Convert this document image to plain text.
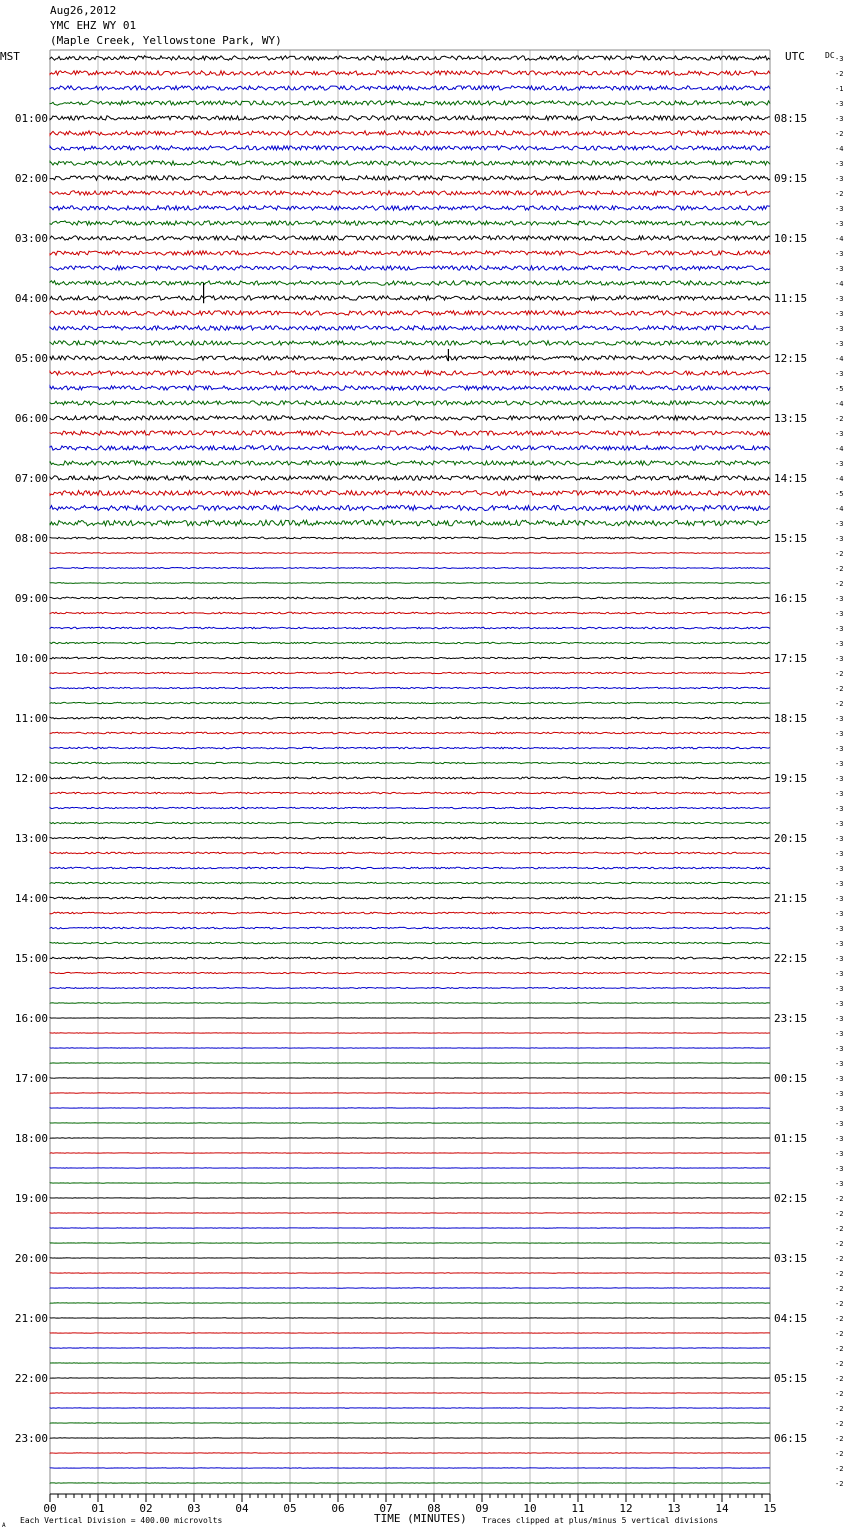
Aug26,2012
YMC EHZ WY 01
(Maple Creek, Yellowstone Park, WY)
-3
-2
-1
-3
-3
01:00	08:15
-2
-4
-3
-3
02:00	09:15
-2
-3
-3
-4
03:00	10:15
-3
-3
-4
-3
04:00	11:15
-3
-3
-3
-4
05:00	12:15
-3
-5
-4
-2
06:00	13:15
-3
-4
-3
-4
07:00	14:15
-5
-4
-3
-3
08:00	15:15
-2
-2
-2
-3
09:00	16:15
-3
-3
-3
-3
10:00	17:15
-2
-2
-2
-3
11:00	18:15
-3
-3
-3
-3
12:00	19:15
-3
-3
-3
-3
13:00	20:15
-3
-3
-3
-3
14:00	21:15
-3
-3
-3
-3
15:00	22:15
-3
-3
-3
-3
16:00	23:15
-3
-3
-3
-3
17:00	00:15
-3
-3
-3
-3
18:00	01:15
-3
-3
-3
-2
19:00	02:15
-2
-2
-2
-2
20:00	03:15
-2
-2
-2
-2
21:00	04:15
-2
-2
-2
-2
22:00	05:15
-2
-2
-2
-2
23:00	06:15
-2
-2
-2
00	01	02	03	04	05	06	07	08	09	10	11	12	13	14	15
MST	UTC	DC
A
Each Vertical Division = 400.00 microvolts	TIME (MINUTES) Traces clipped at plus/minus 5 vertical divisions
